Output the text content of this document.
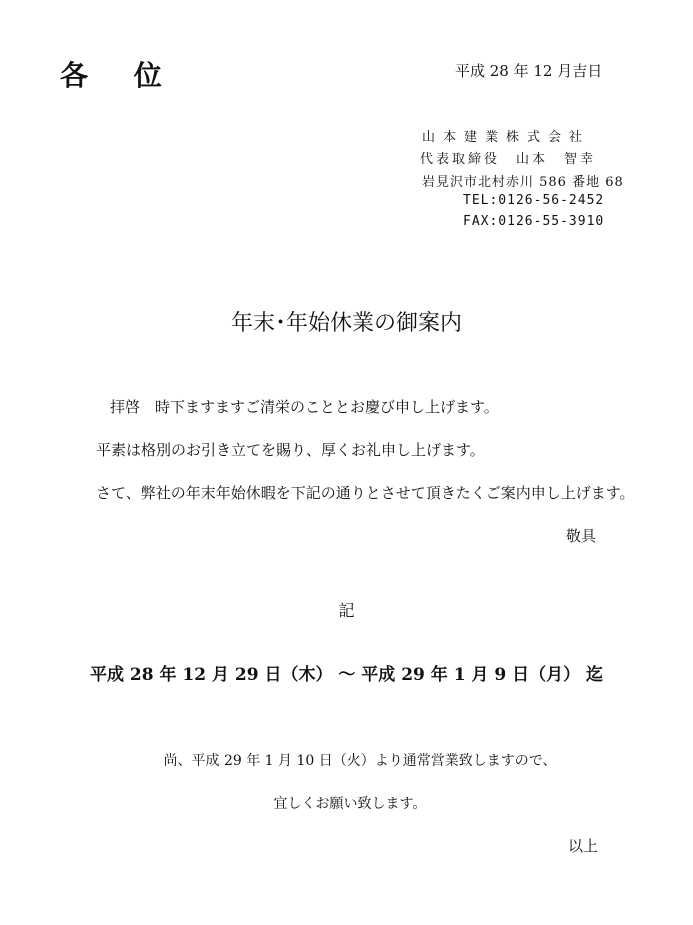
各 位	平成 28 年 12 月吉日
山本建業株式会社
代表取締役　山本　智幸
岩見沢市北村赤川 586 番地 68
TEL:0126-56-2452
FAX:0126-55-3910
年末･年始休業の御案内
拝啓　時下ますますご清栄のこととお慶び申し上げます。
平素は格別のお引き立てを賜り、厚くお礼申し上げます。
さて、弊社の年末年始休暇を下記の通りとさせて頂きたくご案内申し上げます。
敬具
記
平成 28 年 12 月 29 日（木） ～ 平成 29 年 1 月 9 日（月） 迄
尚、平成 29 年 1 月 10 日（火）より通常営業致しますので、
宜しくお願い致します。
以上
